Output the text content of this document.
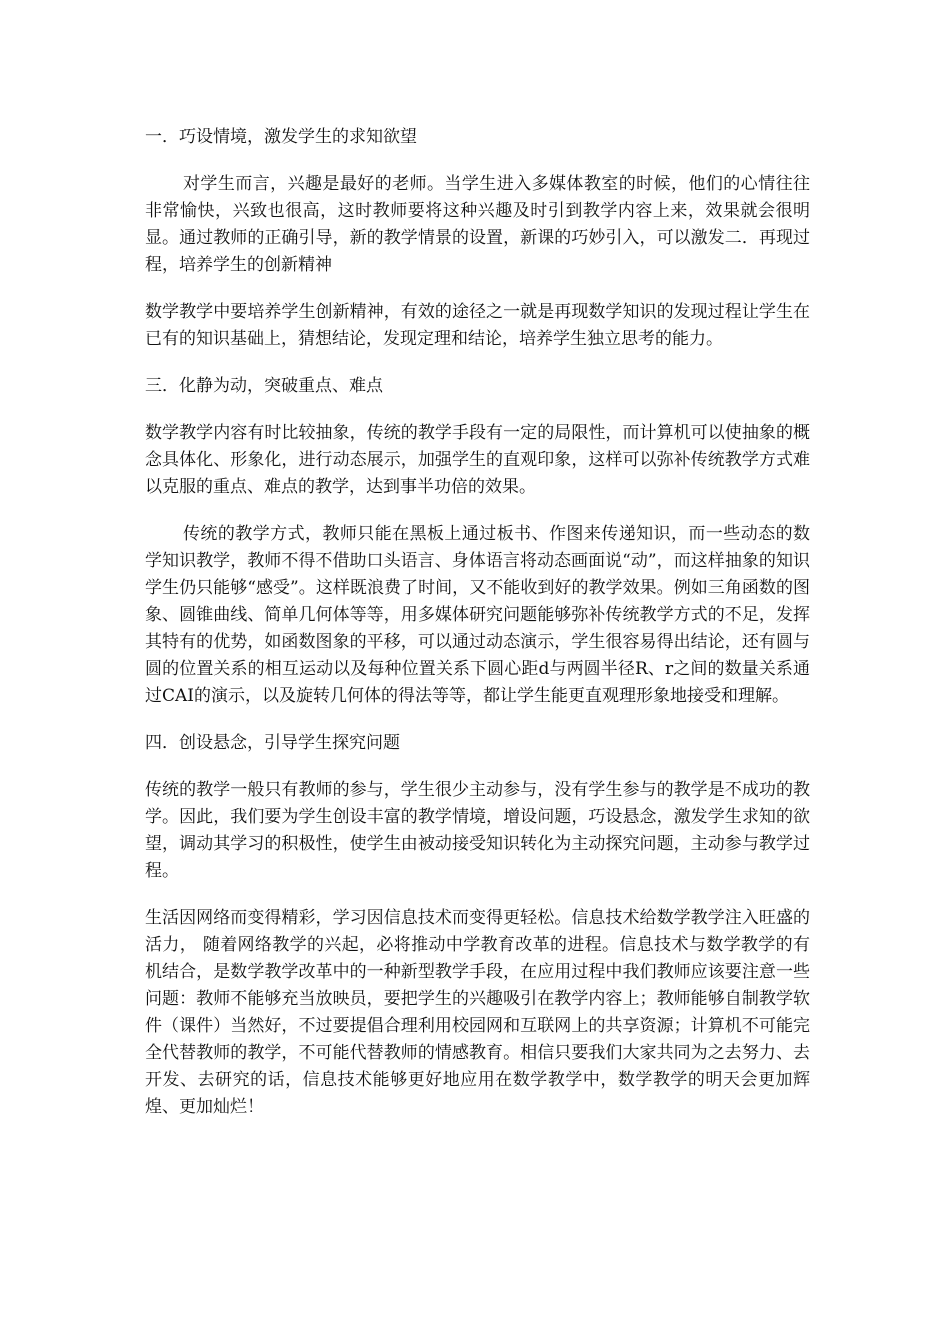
一．巧设情境，激发学生的求知欲望

对学生而言，兴趣是最好的老师。当学生进入多媒体教室的时候，他们的心情往往非常愉快，兴致也很高，这时教师要将这种兴趣及时引到教学内容上来，效果就会很明显。通过教师的正确引导，新的教学情景的设置，新课的巧妙引入，可以激发二．再现过程，培养学生的创新精神

数学教学中要培养学生创新精神，有效的途径之一就是再现数学知识的发现过程让学生在已有的知识基础上，猜想结论，发现定理和结论，培养学生独立思考的能力。

三．化静为动，突破重点、难点

数学教学内容有时比较抽象，传统的教学手段有一定的局限性，而计算机可以使抽象的概念具体化、形象化，进行动态展示，加强学生的直观印象，这样可以弥补传统教学方式难以克服的重点、难点的教学，达到事半功倍的效果。

传统的教学方式，教师只能在黑板上通过板书、作图来传递知识，而一些动态的数学知识教学，教师不得不借助口头语言、身体语言将动态画面说“动”，而这样抽象的知识学生仍只能够“感受”。这样既浪费了时间，又不能收到好的教学效果。例如三角函数的图象、圆锥曲线、简单几何体等等，用多媒体研究问题能够弥补传统教学方式的不足，发挥其特有的优势，如函数图象的平移，可以通过动态演示，学生很容易得出结论，还有圆与圆的位置关系的相互运动以及每种位置关系下圆心距d与两圆半径R、r之间的数量关系通过CAI的演示，以及旋转几何体的得法等等，都让学生能更直观理形象地接受和理解。

四．创设悬念，引导学生探究问题

传统的教学一般只有教师的参与，学生很少主动参与，没有学生参与的教学是不成功的教学。因此，我们要为学生创设丰富的教学情境，增设问题，巧设悬念，激发学生求知的欲望，调动其学习的积极性，使学生由被动接受知识转化为主动探究问题，主动参与教学过程。

生活因网络而变得精彩，学习因信息技术而变得更轻松。信息技术给数学教学注入旺盛的活力， 随着网络教学的兴起，必将推动中学教育改革的进程。信息技术与数学教学的有机结合，是数学教学改革中的一种新型教学手段，在应用过程中我们教师应该要注意一些问题：教师不能够充当放映员，要把学生的兴趣吸引在教学内容上；教师能够自制教学软件（课件）当然好，不过要提倡合理利用校园网和互联网上的共享资源；计算机不可能完全代替教师的教学，不可能代替教师的情感教育。相信只要我们大家共同为之去努力、去开发、去研究的话，信息技术能够更好地应用在数学教学中，数学教学的明天会更加辉煌、更加灿烂！
